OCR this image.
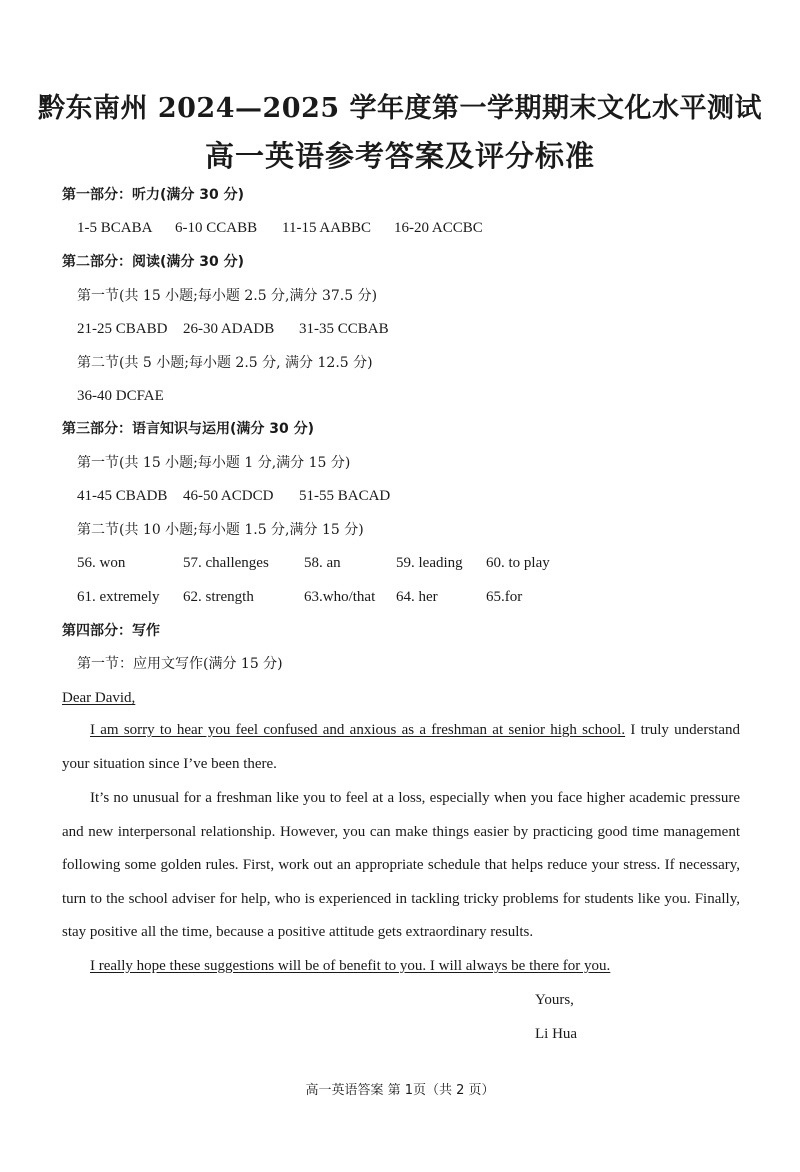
黔东南州 2024—2025 学年度第一学期期末文化水平测试
高一英语参考答案及评分标准
第一部分：听力(满分 30 分)
1-5 BCABA 6-10 CCABB 11-15 AABBC 16-20 ACCBC
第二部分：阅读(满分 30 分)
第一节(共 15 小题;每小题 2.5 分,满分 37.5 分)
21-25 CBABD 26-30 ADADB 31-35 CCBAB
第二节(共 5 小题;每小题 2.5 分, 满分 12.5 分)
36-40 DCFAE
第三部分：语言知识与运用(满分 30 分)
第一节(共 15 小题;每小题 1 分,满分 15 分)
41-45 CBADB 46-50 ACDCD 51-55 BACAD
第二节(共 10 小题;每小题 1.5 分,满分 15 分)
56. won	57. challenges 58. an	59. leading 60. to play
61. extremely 62. strength	63.who/that 64. her	65.for
第四部分：写作
第一节：应用文写作(满分 15 分)
Dear David,

I am sorry to hear you feel confused and anxious as a freshman at senior high school. I truly understand your situation since I’ve been there.

It’s no unusual for a freshman like you to feel at a loss, especially when you face higher academic pressure and new interpersonal relationship. However, you can make things easier by practicing good time management following some golden rules. First, work out an appropriate schedule that helps reduce your stress. If necessary, turn to the school adviser for help, who is experienced in tackling tricky problems for students like you. Finally, stay positive all the time, because a positive attitude gets extraordinary results.

I really hope these suggestions will be of benefit to you. I will always be there for you.

Yours,
Li Hua
高一英语答案 第 1页（共 2 页）
